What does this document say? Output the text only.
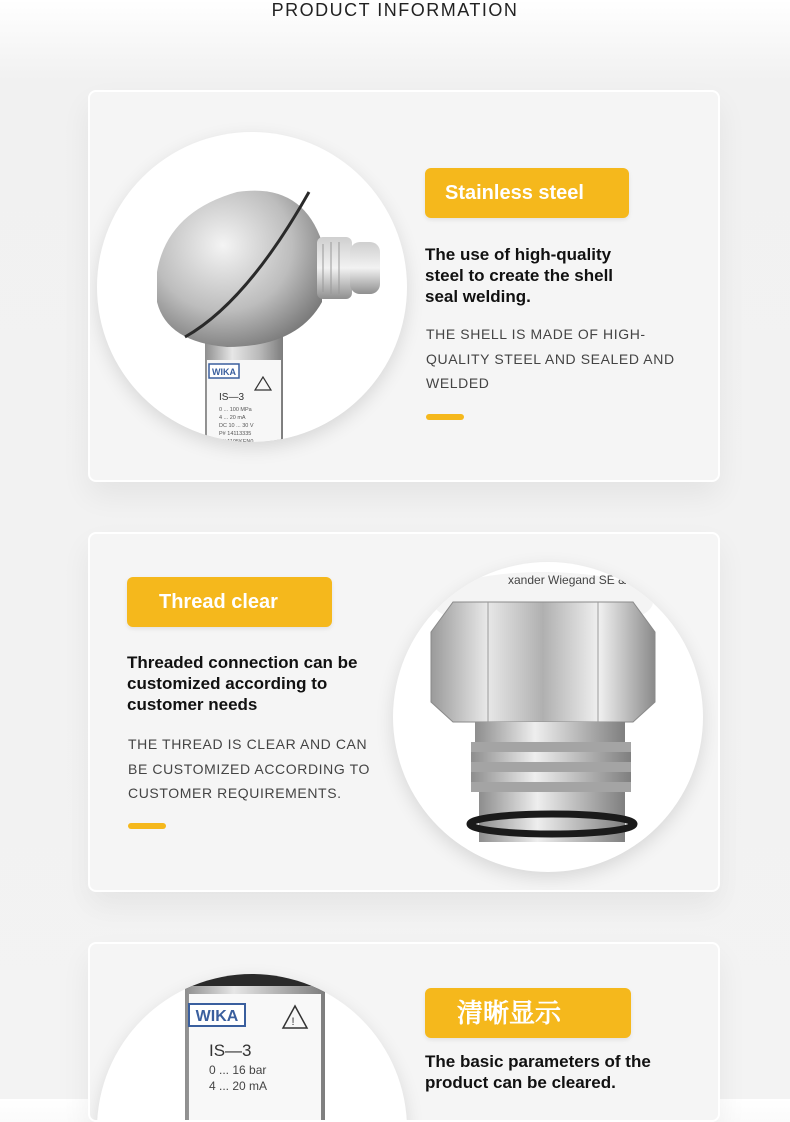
PRODUCT INFORMATION
WIKA
IS—3
0 ... 100 MPa
4 ... 20 mA
DC 10 ... 30 V
P# 14113335
P# 1195KEN0
Stainless steel
The use of high-quality steel to create the shell seal welding.
THE SHELL IS MADE OF HIGH-QUALITY STEEL AND SEALED AND WELDED
Thread clear
Threaded connection can be customized according to customer needs
THE THREAD IS CLEAR AND CAN BE CUSTOMIZED ACCORDING TO CUSTOMER REQUIREMENTS.
xander Wiegand SE &
WIKA	!
IS—3
0 ... 16 bar
4 ... 20 mA
清晰显示
The basic parameters of the product can be cleared.
